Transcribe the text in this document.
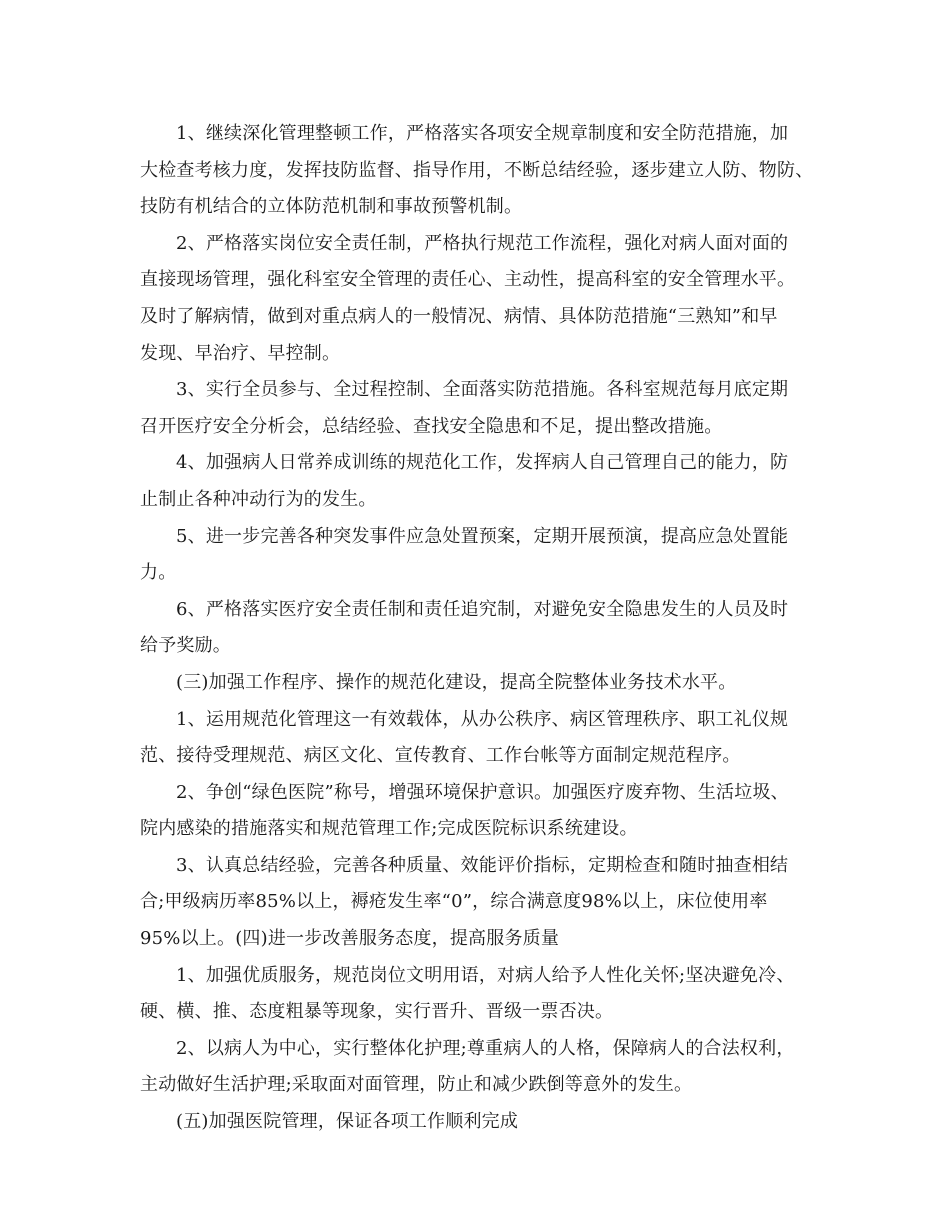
1、继续深化管理整顿工作，严格落实各项安全规章制度和安全防范措施，加
大检查考核力度，发挥技防监督、指导作用，不断总结经验，逐步建立人防、物防、
技防有机结合的立体防范机制和事故预警机制。
2、严格落实岗位安全责任制，严格执行规范工作流程，强化对病人面对面的
直接现场管理，强化科室安全管理的责任心、主动性，提高科室的安全管理水平。
及时了解病情，做到对重点病人的一般情况、病情、具体防范措施“三熟知”和早
发现、早治疗、早控制。
3、实行全员参与、全过程控制、全面落实防范措施。各科室规范每月底定期
召开医疗安全分析会，总结经验、查找安全隐患和不足，提出整改措施。
4、加强病人日常养成训练的规范化工作，发挥病人自己管理自己的能力，防
止制止各种冲动行为的发生。
5、进一步完善各种突发事件应急处置预案，定期开展预演，提高应急处置能
力。
6、严格落实医疗安全责任制和责任追究制，对避免安全隐患发生的人员及时
给予奖励。
(三)加强工作程序、操作的规范化建设，提高全院整体业务技术水平。
1、运用规范化管理这一有效载体，从办公秩序、病区管理秩序、职工礼仪规
范、接待受理规范、病区文化、宣传教育、工作台帐等方面制定规范程序。
2、争创“绿色医院”称号，增强环境保护意识。加强医疗废弃物、生活垃圾、
院内感染的措施落实和规范管理工作;完成医院标识系统建设。
3、认真总结经验，完善各种质量、效能评价指标，定期检查和随时抽查相结
合;甲级病历率85%以上，褥疮发生率“0”，综合满意度98%以上，床位使用率
95%以上。(四)进一步改善服务态度，提高服务质量
1、加强优质服务，规范岗位文明用语，对病人给予人性化关怀;坚决避免冷、
硬、横、推、态度粗暴等现象，实行晋升、晋级一票否决。
2、以病人为中心，实行整体化护理;尊重病人的人格，保障病人的合法权利，
主动做好生活护理;采取面对面管理，防止和减少跌倒等意外的发生。
(五)加强医院管理，保证各项工作顺利完成
